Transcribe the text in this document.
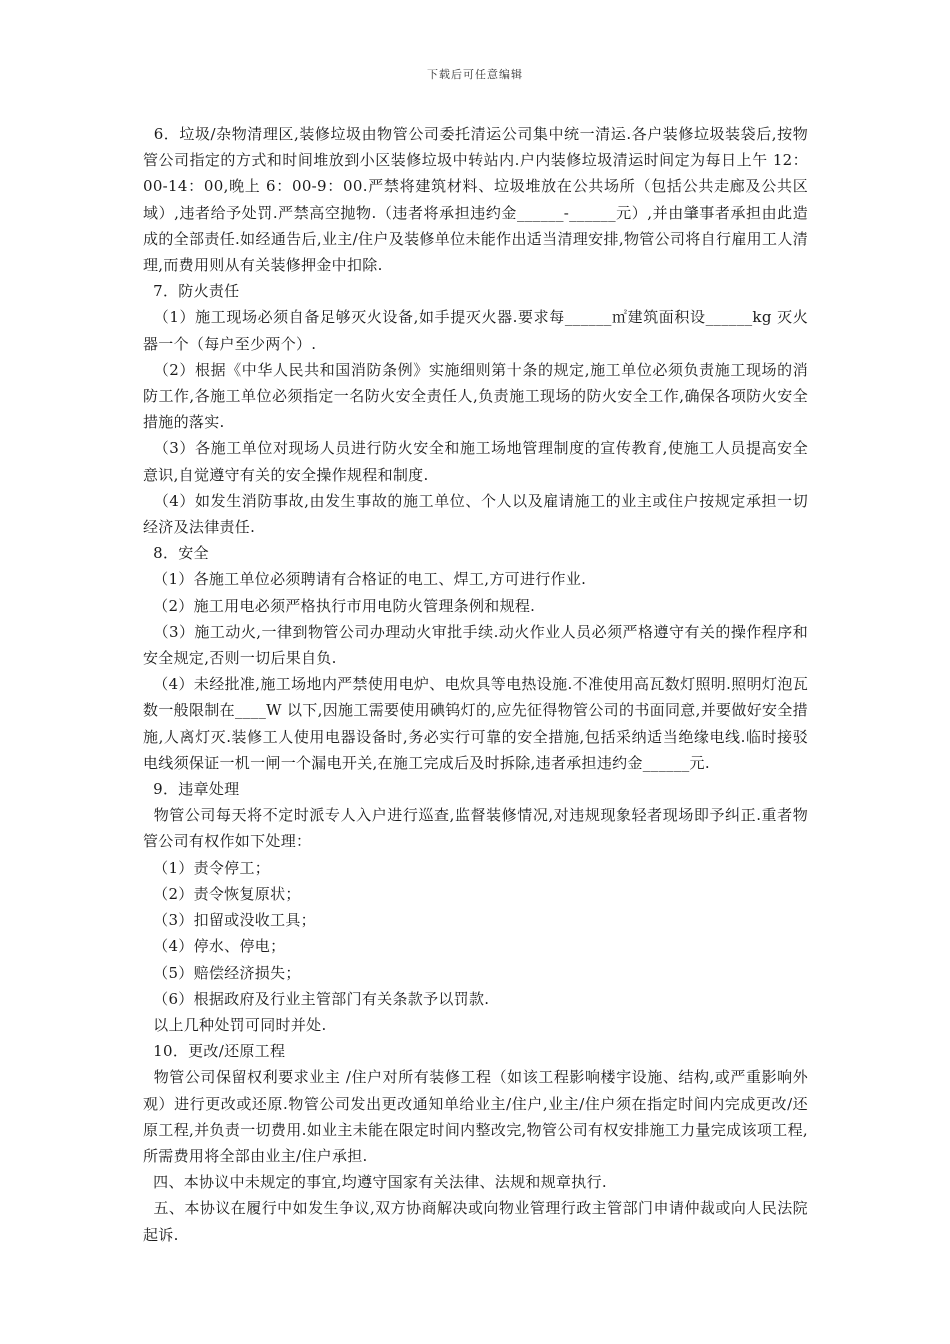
下载后可任意编辑

6．垃圾/杂物清理区,装修垃圾由物管公司委托清运公司集中统一清运.各户装修垃圾装袋后,按物管公司指定的方式和时间堆放到小区装修垃圾中转站内.户内装修垃圾清运时间定为每日上午 12：00-14：00,晚上 6：00-9：00.严禁将建筑材料、垃圾堆放在公共场所（包括公共走廊及公共区域）,违者给予处罚.严禁高空抛物.（违者将承担违约金______-______元）,并由肇事者承担由此造成的全部责任.如经通告后,业主/住户及装修单位未能作出适当清理安排,物管公司将自行雇用工人清理,而费用则从有关装修押金中扣除.

7．防火责任

（1）施工现场必须自备足够灭火设备,如手提灭火器.要求每______㎡建筑面积设______kg 灭火器一个（每户至少两个）.

（2）根据《中华人民共和国消防条例》实施细则第十条的规定,施工单位必须负责施工现场的消防工作,各施工单位必须指定一名防火安全责任人,负责施工现场的防火安全工作,确保各项防火安全措施的落实.

（3）各施工单位对现场人员进行防火安全和施工场地管理制度的宣传教育,使施工人员提高安全意识,自觉遵守有关的安全操作规程和制度.

（4）如发生消防事故,由发生事故的施工单位、个人以及雇请施工的业主或住户按规定承担一切经济及法律责任.

8．安全

（1）各施工单位必须聘请有合格证的电工、焊工,方可进行作业.

（2）施工用电必须严格执行市用电防火管理条例和规程.

（3）施工动火,一律到物管公司办理动火审批手续.动火作业人员必须严格遵守有关的操作程序和安全规定,否则一切后果自负.

（4）未经批准,施工场地内严禁使用电炉、电炊具等电热设施.不准使用高瓦数灯照明.照明灯泡瓦数一般限制在____W 以下,因施工需要使用碘钨灯的,应先征得物管公司的书面同意,并要做好安全措施,人离灯灭.装修工人使用电器设备时,务必实行可靠的安全措施,包括采纳适当绝缘电线.临时接驳电线须保证一机一闸一个漏电开关,在施工完成后及时拆除,违者承担违约金______元.

9．违章处理

物管公司每天将不定时派专人入户进行巡查,监督装修情况,对违规现象轻者现场即予纠正.重者物管公司有权作如下处理：

（1）责令停工；

（2）责令恢复原状；

（3）扣留或没收工具；

（4）停水、停电；

（5）赔偿经济损失；

（6）根据政府及行业主管部门有关条款予以罚款.

以上几种处罚可同时并处.

10．更改/还原工程

物管公司保留权利要求业主 /住户对所有装修工程（如该工程影响楼宇设施、结构,或严重影响外观）进行更改或还原.物管公司发出更改通知单给业主/住户,业主/住户须在指定时间内完成更改/还原工程,并负责一切费用.如业主未能在限定时间内整改完,物管公司有权安排施工力量完成该项工程,所需费用将全部由业主/住户承担.

四、本协议中未规定的事宜,均遵守国家有关法律、法规和规章执行.

五、本协议在履行中如发生争议,双方协商解决或向物业管理行政主管部门申请仲裁或向人民法院起诉.
